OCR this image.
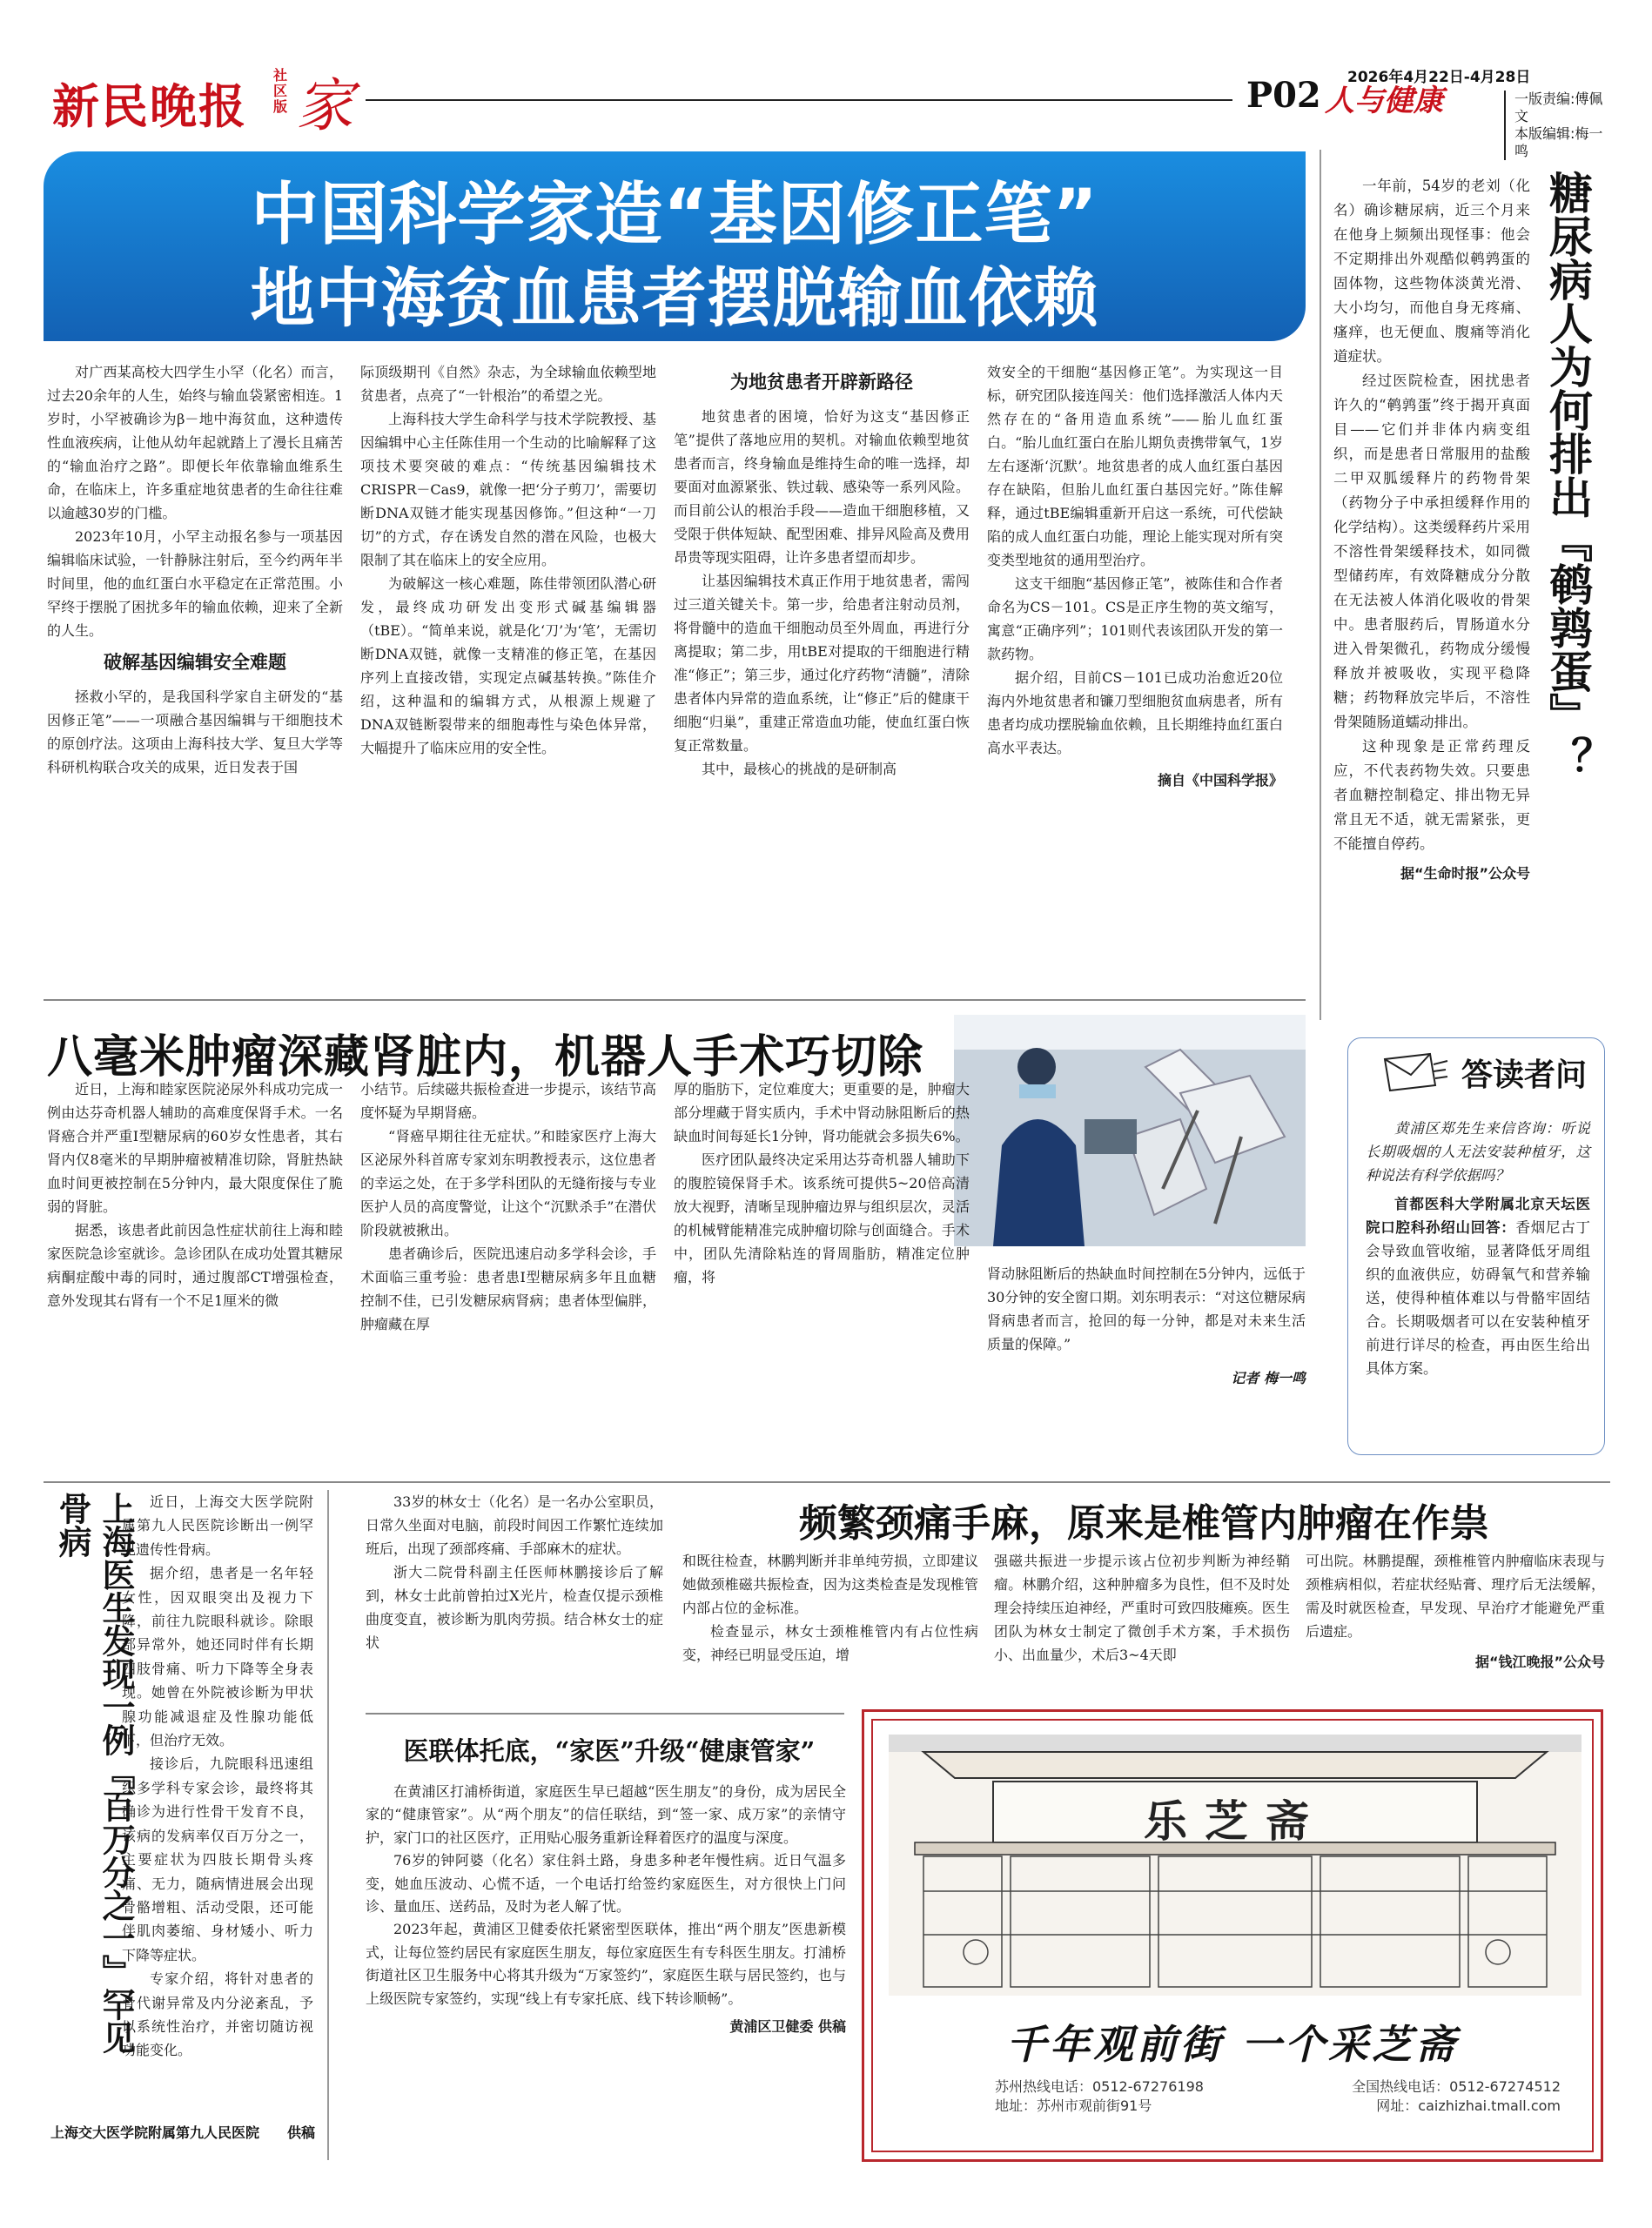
新民晚报
社区版 家	2026年4月22日-4月28日
P02 人与健康	一版责编:傅佩文
本版编辑:梅一鸣
中国科学家造“基因修正笔”
地中海贫血患者摆脱输血依赖

对广西某高校大四学生小罕（化名）而言，过去20余年的人生，始终与输血袋紧密相连。1岁时，小罕被确诊为β－地中海贫血，这种遗传性血液疾病，让他从幼年起就踏上了漫长且痛苦的“输血治疗之路”。即便长年依靠输血维系生命，在临床上，许多重症地贫患者的生命往往难以逾越30岁的门槛。

2023年10月，小罕主动报名参与一项基因编辑临床试验，一针静脉注射后，至今约两年半时间里，他的血红蛋白水平稳定在正常范围。小罕终于摆脱了困扰多年的输血依赖，迎来了全新的人生。

破解基因编辑安全难题

拯救小罕的，是我国科学家自主研发的“基因修正笔”——一项融合基因编辑与干细胞技术的原创疗法。这项由上海科技大学、复旦大学等科研机构联合攻关的成果，近日发表于国

际顶级期刊《自然》杂志，为全球输血依赖型地贫患者，点亮了“一针根治”的希望之光。

上海科技大学生命科学与技术学院教授、基因编辑中心主任陈佳用一个生动的比喻解释了这项技术要突破的难点：“传统基因编辑技术CRISPR－Cas9，就像一把‘分子剪刀’，需要切断DNA双链才能实现基因修饰。”但这种“一刀切”的方式，存在诱发自然的潜在风险，也极大限制了其在临床上的安全应用。

为破解这一核心难题，陈佳带领团队潜心研发，最终成功研发出变形式碱基编辑器（tBE）。“简单来说，就是化‘刀’为‘笔’，无需切断DNA双链，就像一支精准的修正笔，在基因序列上直接改错，实现定点碱基转换。”陈佳介绍，这种温和的编辑方式，从根源上规避了DNA双链断裂带来的细胞毒性与染色体异常，大幅提升了临床应用的安全性。

为地贫患者开辟新路径

地贫患者的困境，恰好为这支“基因修正笔”提供了落地应用的契机。对输血依赖型地贫患者而言，终身输血是维持生命的唯一选择，却要面对血源紧张、铁过载、感染等一系列风险。而目前公认的根治手段——造血干细胞移植，又受限于供体短缺、配型困难、排异风险高及费用昂贵等现实阻碍，让许多患者望而却步。

让基因编辑技术真正作用于地贫患者，需闯过三道关键关卡。第一步，给患者注射动员剂，将骨髓中的造血干细胞动员至外周血，再进行分离提取；第二步，用tBE对提取的干细胞进行精准“修正”；第三步，通过化疗药物“清髓”，清除患者体内异常的造血系统，让“修正”后的健康干细胞“归巢”，重建正常造血功能，使血红蛋白恢复正常数量。

其中，最核心的挑战的是研制高

效安全的干细胞“基因修正笔”。为实现这一目标，研究团队接连闯关：他们选择激活人体内天然存在的“备用造血系统”——胎儿血红蛋白。“胎儿血红蛋白在胎儿期负责携带氧气，1岁左右逐渐‘沉默’。地贫患者的成人血红蛋白基因存在缺陷，但胎儿血红蛋白基因完好。”陈佳解释，通过tBE编辑重新开启这一系统，可代偿缺陷的成人血红蛋白功能，理论上能实现对所有突变类型地贫的通用型治疗。

这支干细胞“基因修正笔”，被陈佳和合作者命名为CS－101。CS是正序生物的英文缩写，寓意“正确序列”；101则代表该团队开发的第一款药物。

据介绍，目前CS－101已成功治愈近20位海内外地贫患者和镰刀型细胞贫血病患者，所有患者均成功摆脱输血依赖，且长期维持血红蛋白高水平表达。

摘自《中国科学报》

一年前，54岁的老刘（化名）确诊糖尿病，近三个月来在他身上频频出现怪事：他会不定期排出外观酷似鹌鹑蛋的固体物，这些物体淡黄光滑、大小均匀，而他自身无疼痛、瘙痒，也无便血、腹痛等消化道症状。

经过医院检查，困扰患者许久的“鹌鹑蛋”终于揭开真面目——它们并非体内病变组织，而是患者日常服用的盐酸二甲双胍缓释片的药物骨架（药物分子中承担缓释作用的化学结构）。这类缓释药片采用不溶性骨架缓释技术，如同微型储药库，有效降糖成分分散在无法被人体消化吸收的骨架中。患者服药后，胃肠道水分进入骨架微孔，药物成分缓慢释放并被吸收，实现平稳降糖；药物释放完毕后，不溶性骨架随肠道蠕动排出。

这种现象是正常药理反应，不代表药物失效。只要患者血糖控制稳定、排出物无异常且无不适，就无需紧张，更不能擅自停药。

据“生命时报”公众号
糖尿病人为何排出『鹌鹑蛋』？
答读者问

黄浦区郑先生来信咨询：听说长期吸烟的人无法安装种植牙，这种说法有科学依据吗？

首都医科大学附属北京天坛医院口腔科孙绍山回答：香烟尼古丁会导致血管收缩，显著降低牙周组织的血液供应，妨碍氧气和营养输送，使得种植体难以与骨骼牢固结合。长期吸烟者可以在安装种植牙前进行详尽的检查，再由医生给出具体方案。

八毫米肿瘤深藏肾脏内，机器人手术巧切除

近日，上海和睦家医院泌尿外科成功完成一例由达芬奇机器人辅助的高难度保肾手术。一名肾癌合并严重I型糖尿病的60岁女性患者，其右肾内仅8毫米的早期肿瘤被精准切除，肾脏热缺血时间更被控制在5分钟内，最大限度保住了脆弱的肾脏。

据悉，该患者此前因急性症状前往上海和睦家医院急诊室就诊。急诊团队在成功处置其糖尿病酮症酸中毒的同时，通过腹部CT增强检查，意外发现其右肾有一个不足1厘米的微

小结节。后续磁共振检查进一步提示，该结节高度怀疑为早期肾癌。

“肾癌早期往往无症状。”和睦家医疗上海大区泌尿外科首席专家刘东明教授表示，这位患者的幸运之处，在于多学科团队的无缝衔接与专业医护人员的高度警觉，让这个“沉默杀手”在潜伏阶段就被揪出。

患者确诊后，医院迅速启动多学科会诊，手术面临三重考验：患者患I型糖尿病多年且血糖控制不佳，已引发糖尿病肾病；患者体型偏胖，肿瘤藏在厚

厚的脂肪下，定位难度大；更重要的是，肿瘤大部分埋藏于肾实质内，手术中肾动脉阻断后的热缺血时间每延长1分钟，肾功能就会多损失6%。

医疗团队最终决定采用达芬奇机器人辅助下的腹腔镜保肾手术。该系统可提供5~20倍高清放大视野，清晰呈现肿瘤边界与组织层次，灵活的机械臂能精准完成肿瘤切除与创面缝合。手术中，团队先清除粘连的肾周脂肪，精准定位肿瘤，将	肾动脉阻断后的热缺血时间控制在5分钟内，远低于30分钟的安全窗口期。刘东明表示：“对这位糖尿病肾病患者而言，抢回的每一分钟，都是对未来生活质量的保障。”

记者 梅一鸣
上海医生发现一例『百万分之一』罕见骨病	近日，上海交大医学院附属第九人民医院诊断出一例罕见遗传性骨病。

据介绍，患者是一名年轻女性，因双眼突出及视力下降，前往九院眼科就诊。除眼部异常外，她还同时伴有长期四肢骨痛、听力下降等全身表现。她曾在外院被诊断为甲状腺功能减退症及性腺功能低下，但治疗无效。

接诊后，九院眼科迅速组织多学科专家会诊，最终将其确诊为进行性骨干发育不良，该病的发病率仅百万分之一，主要症状为四肢长期骨头疼痛、无力，随病情进展会出现骨骼增粗、活动受限，还可能伴肌肉萎缩、身材矮小、听力下降等症状。

专家介绍，将针对患者的骨代谢异常及内分泌紊乱，予以系统性治疗，并密切随访视功能变化。

上海交大医学院附属第九人民医院 供稿

33岁的林女士（化名）是一名办公室职员，日常久坐面对电脑，前段时间因工作繁忙连续加班后，出现了颈部疼痛、手部麻木的症状。

浙大二院骨科副主任医师林鹏接诊后了解到，林女士此前曾拍过X光片，检查仅提示颈椎曲度变直，被诊断为肌肉劳损。结合林女士的症状

频繁颈痛手麻，原来是椎管内肿瘤在作祟

和既往检查，林鹏判断并非单纯劳损，立即建议她做颈椎磁共振检查，因为这类检查是发现椎管内部占位的金标准。

检查显示，林女士颈椎椎管内有占位性病变，神经已明显受压迫，增

强磁共振进一步提示该占位初步判断为神经鞘瘤。林鹏介绍，这种肿瘤多为良性，但不及时处理会持续压迫神经，严重时可致四肢瘫痪。医生团队为林女士制定了微创手术方案，手术损伤小、出血量少，术后3~4天即

可出院。林鹏提醒，颈椎椎管内肿瘤临床表现与颈椎病相似，若症状经贴膏、理疗后无法缓解，需及时就医检查，早发现、早治疗才能避免严重后遗症。

据“钱江晚报”公众号
医联体托底，“家医”升级“健康管家”

在黄浦区打浦桥街道，家庭医生早已超越“医生朋友”的身份，成为居民全家的“健康管家”。从“两个朋友”的信任联结，到“签一家、成万家”的亲情守护，家门口的社区医疗，正用贴心服务重新诠释着医疗的温度与深度。

76岁的钟阿婆（化名）家住斜土路，身患多种老年慢性病。近日气温多变，她血压波动、心慌不适，一个电话打给签约家庭医生，对方很快上门问诊、量血压、送药品，及时为老人解了忧。

2023年起，黄浦区卫健委依托紧密型医联体，推出“两个朋友”医患新模式，让每位签约居民有家庭医生朋友，每位家庭医生有专科医生朋友。打浦桥街道社区卫生服务中心将其升级为“万家签约”，家庭医生联与居民签约，也与上级医院专家签约，实现“线上有专家托底、线下转诊顺畅”。

黄浦区卫健委 供稿
乐芝斋
千年观前街 一个采芝斋
苏州热线电话：0512-67276198	全国热线电话：0512-67274512
地址：苏州市观前街91号	网址：caizhizhai.tmall.com
